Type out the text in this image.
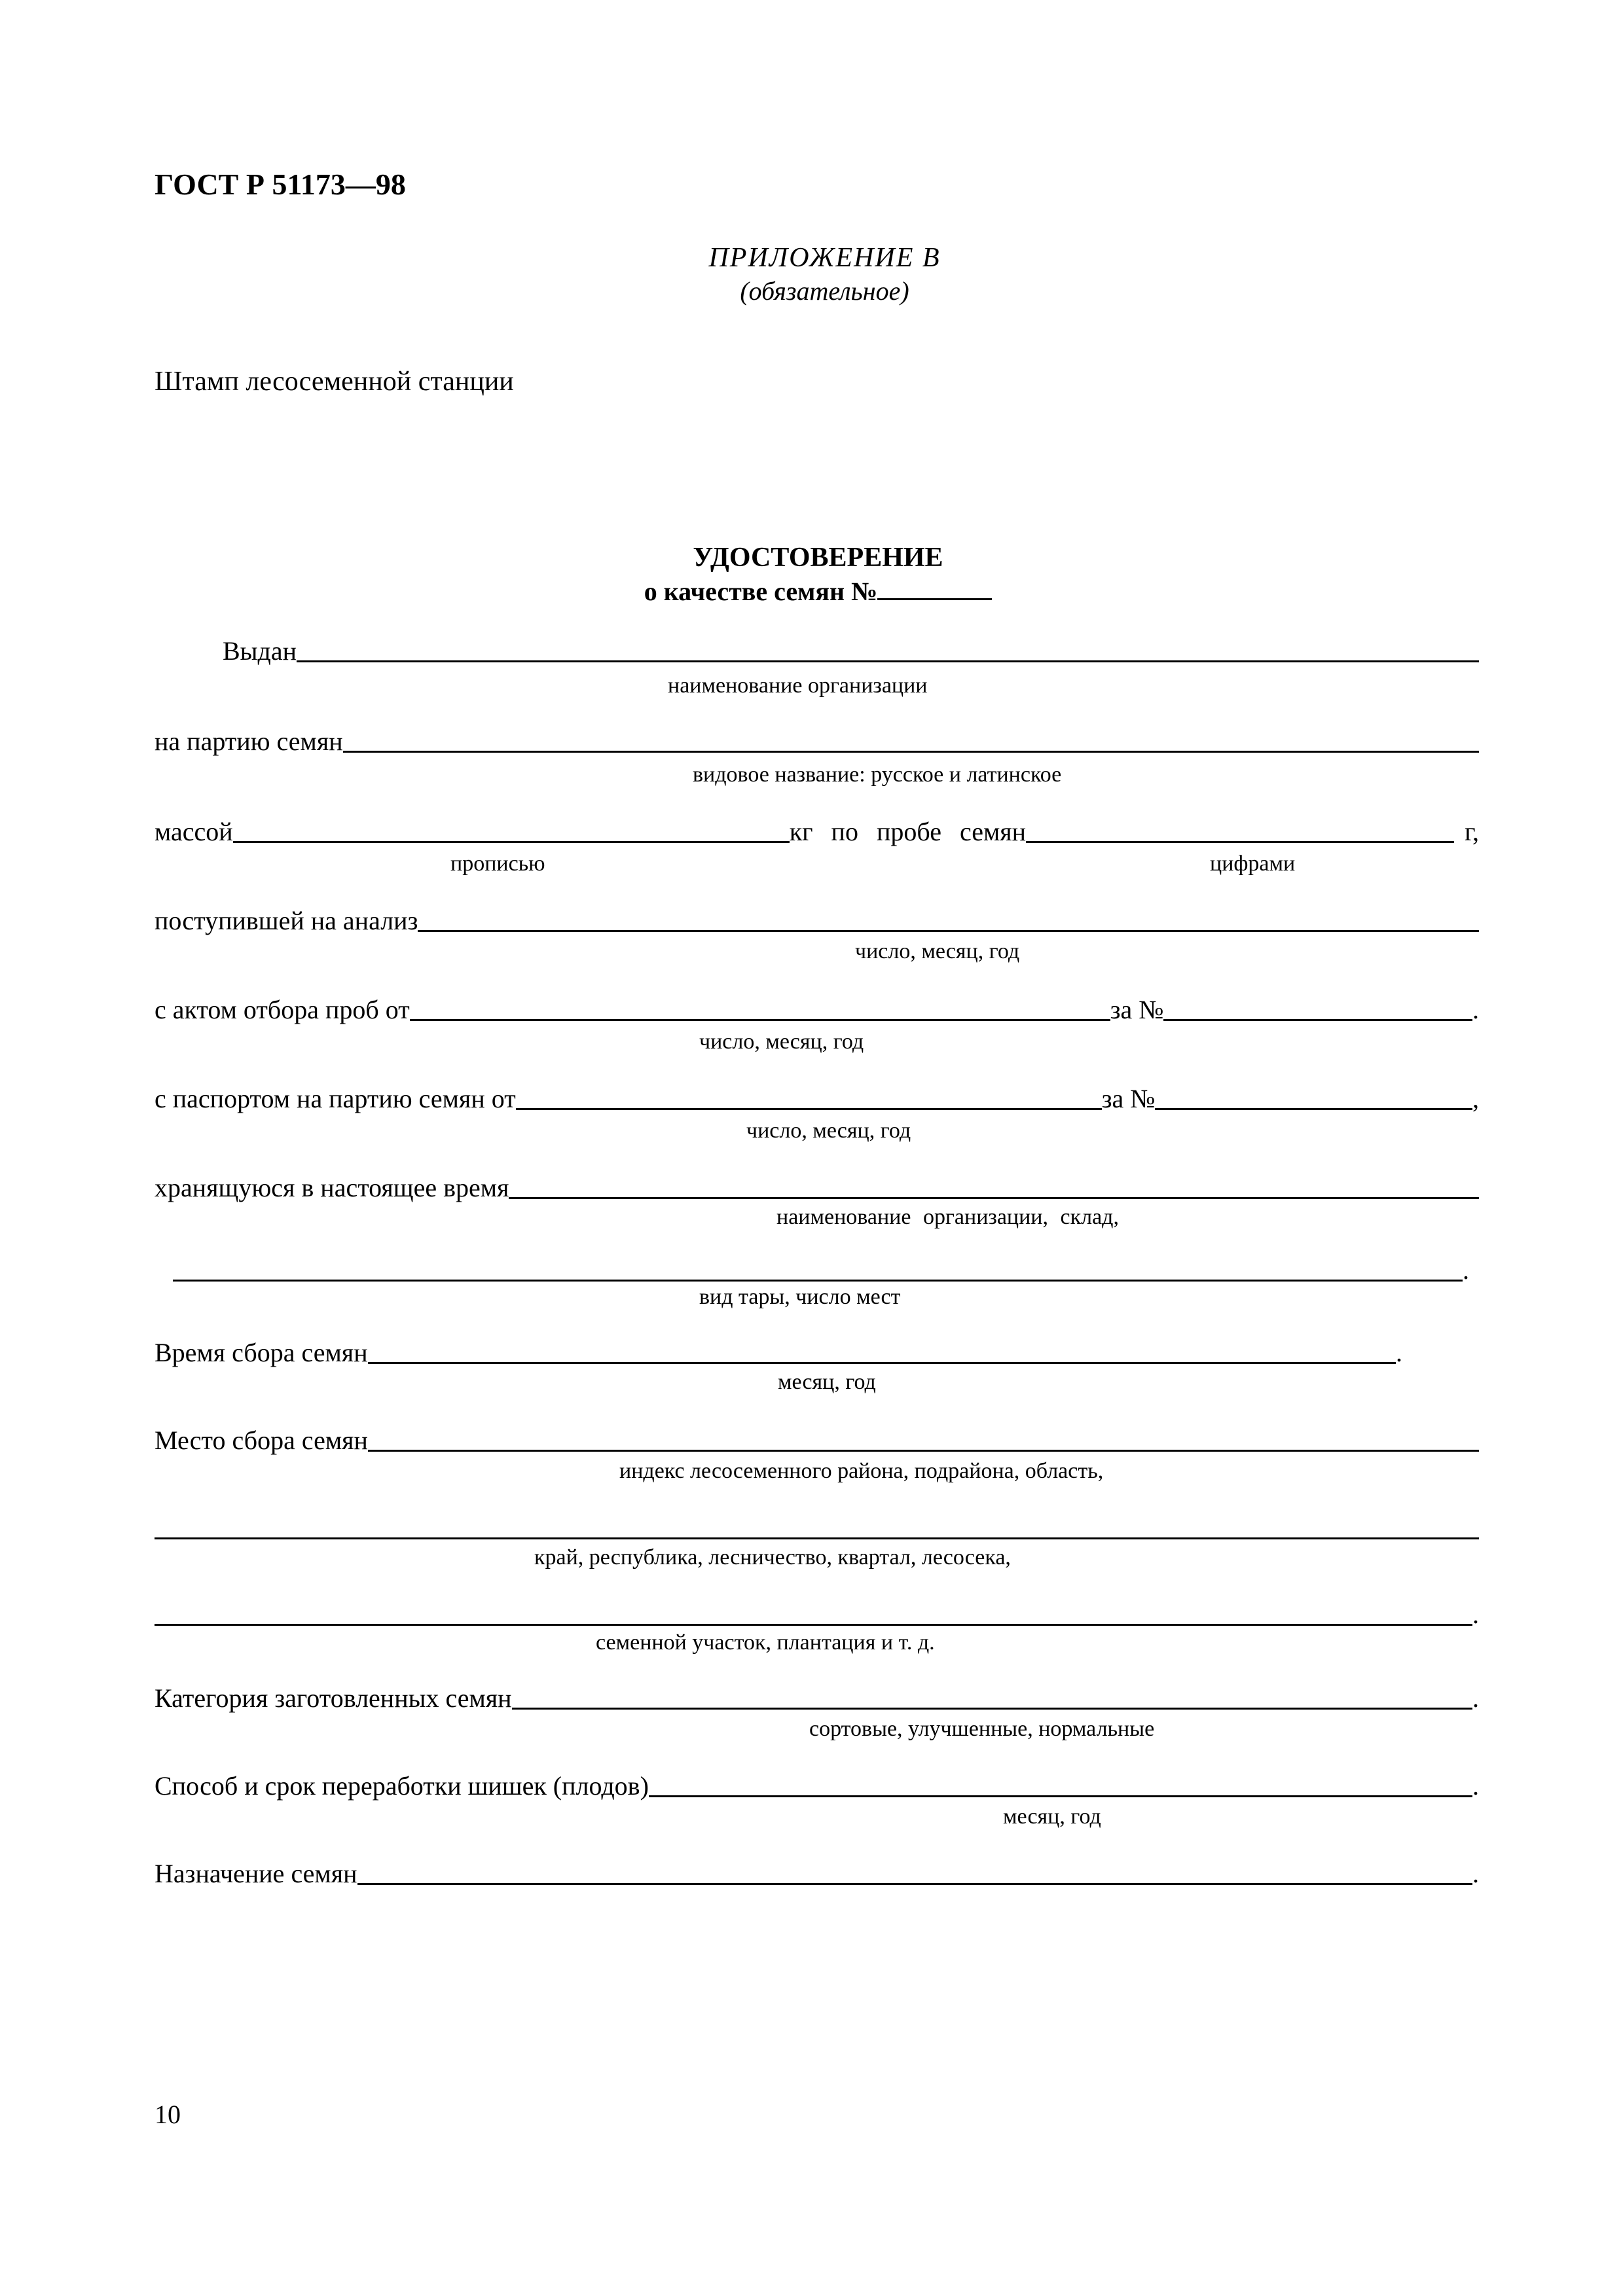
ГОСТ Р 51173—98
ПРИЛОЖЕНИЕ В
(обязательное)
Штамп лесосеменной станции
УДОСТОВЕРЕНИЕ
о качестве семян №
Выдан
наименование организации
на партию семян
видовое название: русское и латинское
массой	кг по пробе семян	г,
прописью	цифрами
поступившей на анализ
число, месяц, год
с актом отбора проб от	за №	.
число, месяц, год
с паспортом на партию семян от	за №	,
число, месяц, год
хранящуюся в настоящее время
наименование организации, склад,
.
вид тары, число мест
Время сбора семян	.
месяц, год
Место сбора семян
индекс лесосеменного района, подрайона, область,
край, республика, лесничество, квартал, лесосека,
.
семенной участок, плантация и т. д.
Категория заготовленных семян	.
сортовые, улучшенные, нормальные
Способ и срок переработки шишек (плодов)	.
месяц, год
Назначение семян	.
10
